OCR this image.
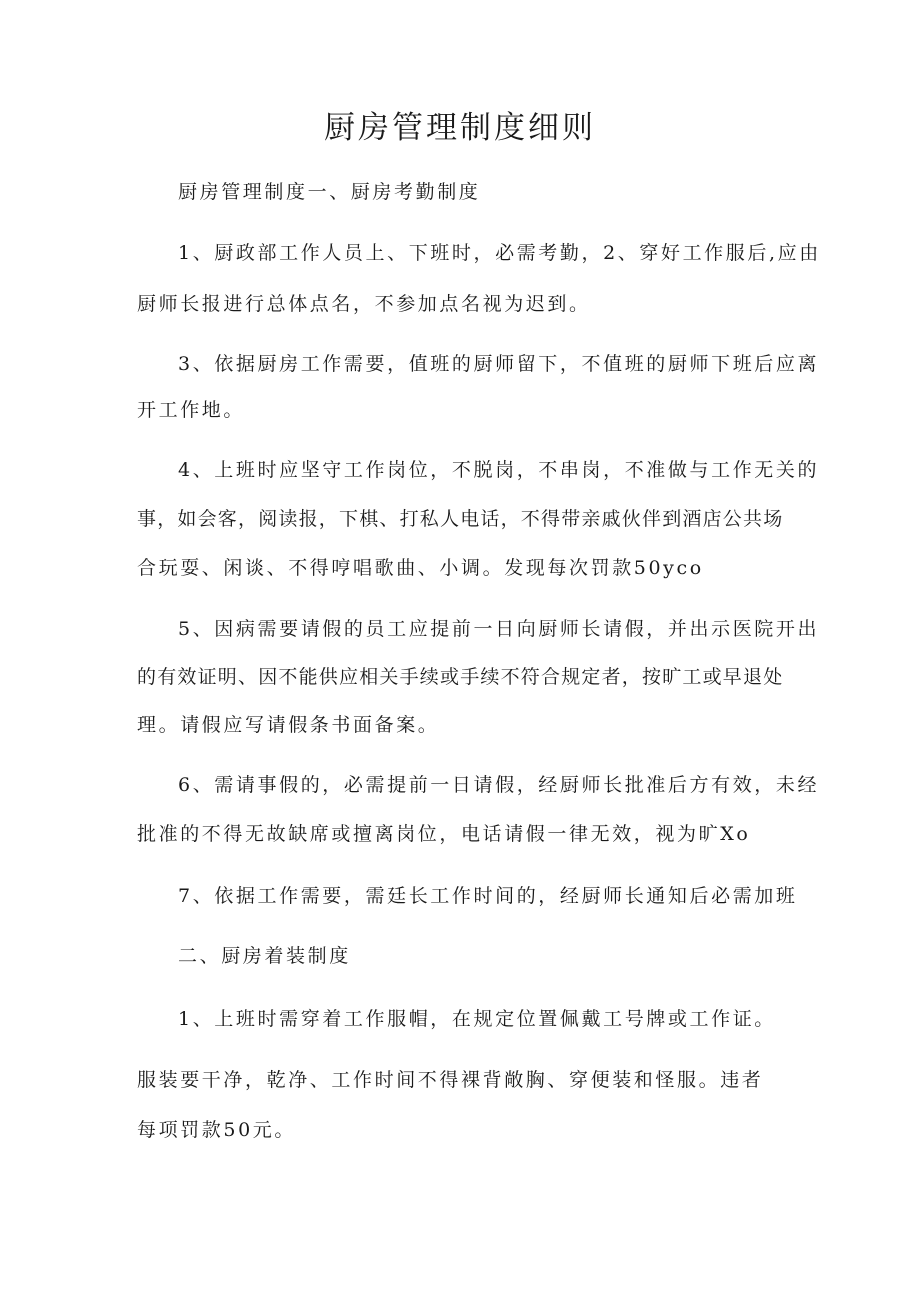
厨房管理制度细则
厨房管理制度一、厨房考勤制度
1、厨政部工作人员上、下班时，必需考勤，2、穿好工作服后,应由
厨师长报进行总体点名，不参加点名视为迟到。
3、依据厨房工作需要，值班的厨师留下，不值班的厨师下班后应离
开工作地。
4、上班时应坚守工作岗位，不脱岗，不串岗，不准做与工作无关的
事，如会客，阅读报，下棋、打私人电话，不得带亲戚伙伴到酒店公共场
合玩耍、闲谈、不得哼唱歌曲、小调。发现每次罚款50yco
5、因病需要请假的员工应提前一日向厨师长请假，并出示医院开出
的有效证明、因不能供应相关手续或手续不符合规定者，按旷工或早退处
理。请假应写请假条书面备案。
6、需请事假的，必需提前一日请假，经厨师长批准后方有效，未经
批准的不得无故缺席或擅离岗位，电话请假一律无效，视为旷Xo
7、依据工作需要，需廷长工作时间的，经厨师长通知后必需加班
二、厨房着装制度
1、上班时需穿着工作服帽，在规定位置佩戴工号牌或工作证。
服装要干净，乾净、工作时间不得裸背敞胸、穿便装和怪服。违者
每项罚款50元。
